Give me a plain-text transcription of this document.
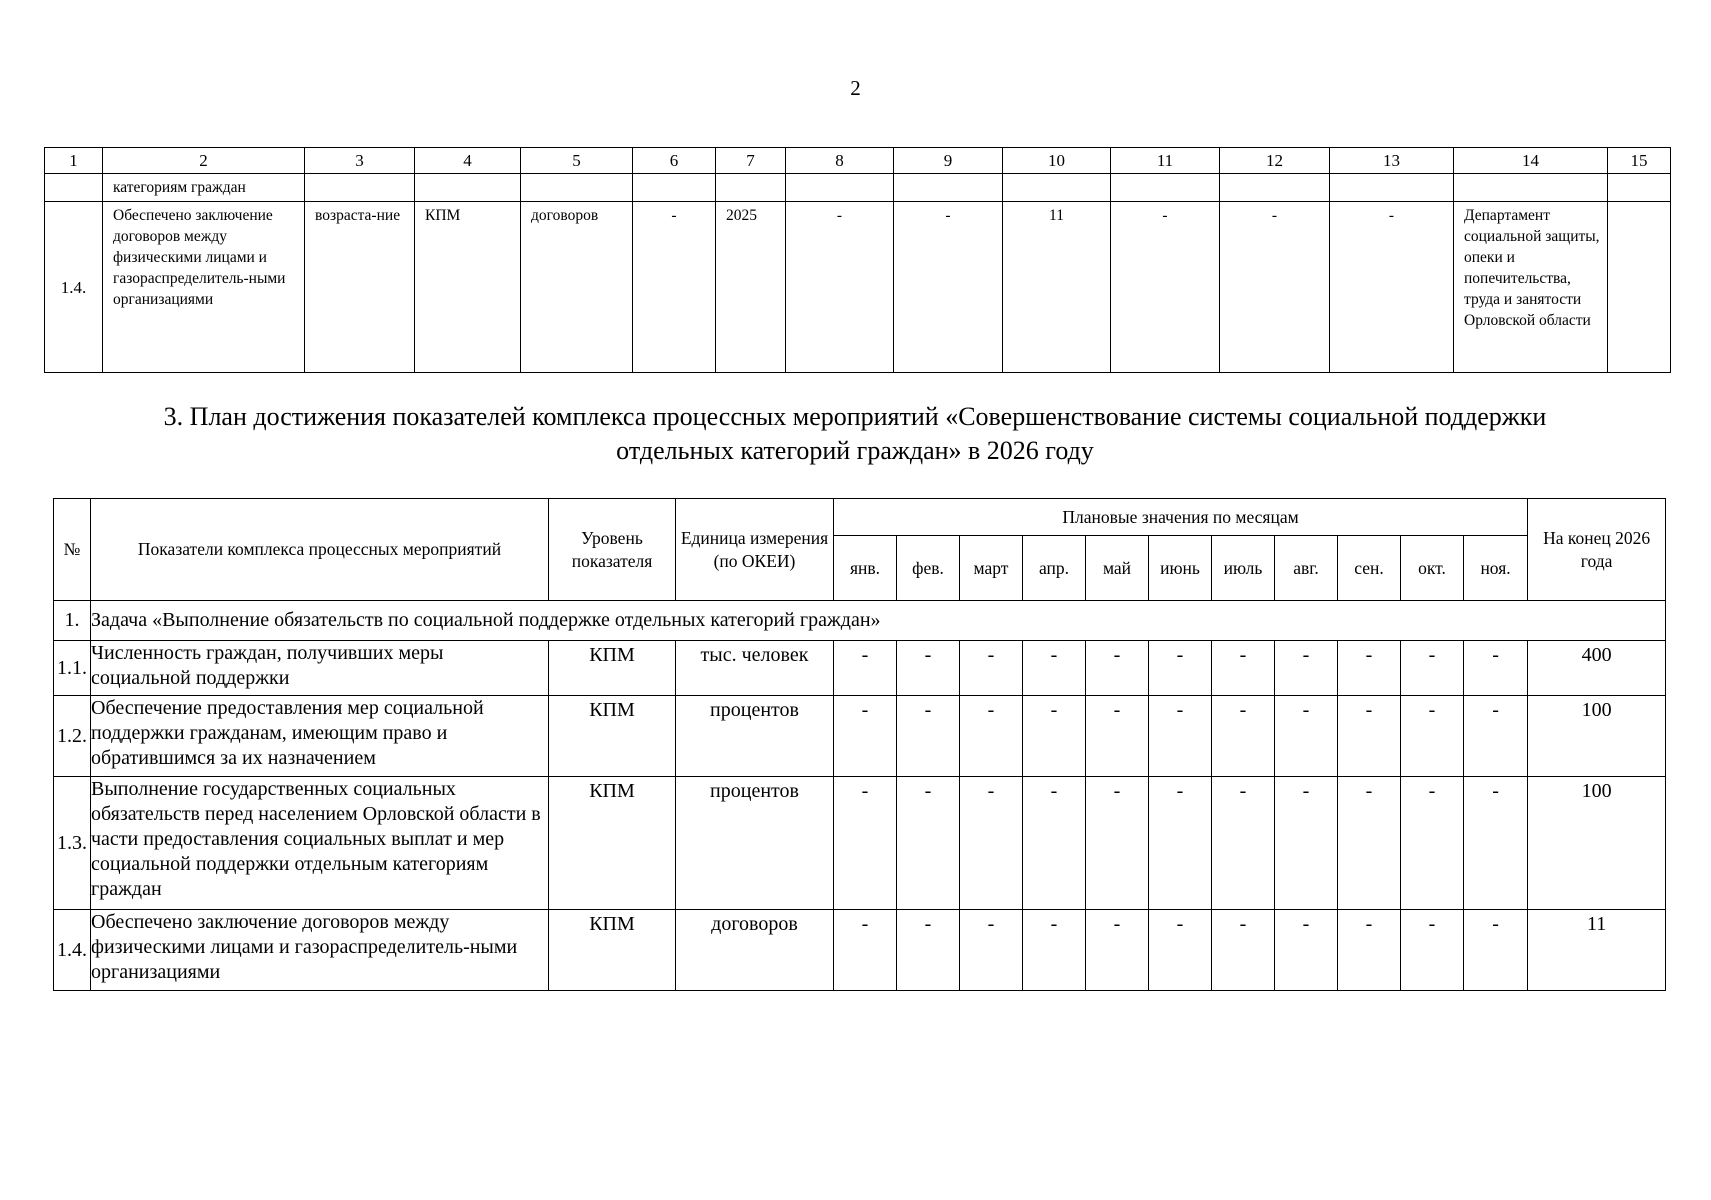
2
1	2	3	4	5	6	7	8	9	10	11	12	13	14	15

	категориям граждан													

1.4.	Обеспечено заключение договоров между физическими лицами и газораспределитель-ными организациями	возраста-ние	КПМ	договоров	-	2025	-	-	11	-	-	-	Департамент социальной защиты, опеки и попечительства, труда и занятости Орловской области	

3. План достижения показателей комплекса процессных мероприятий «Совершенствование системы социальной поддержки
отдельных категорий граждан» в 2026 году
№	Показатели комплекса процессных мероприятий	Уровень показателя	Единица измерения (по ОКЕИ)	Плановые значения по месяцам											На конец 2026 года
				янв.	фев.	март	апр.	май	июнь	июль	авг.	сен.	окт.	ноя.	
1.	Задача «Выполнение обязательств по социальной поддержке отдельных категорий граждан»														
1.1.	Численность граждан, получивших меры социальной поддержки	КПМ	тыс. человек	-	-	-	-	-	-	-	-	-	-	-	400
1.2.	Обеспечение предоставления мер социальной поддержки гражданам, имеющим право и обратившимся за их назначением	КПМ	процентов	-	-	-	-	-	-	-	-	-	-	-	100
1.3.	Выполнение государственных социальных обязательств перед населением Орловской области в части предоставления социальных выплат и мер социальной поддержки отдельным категориям граждан	КПМ	процентов	-	-	-	-	-	-	-	-	-	-	-	100
1.4.	Обеспечено заключение договоров между физическими лицами и газораспределитель-ными организациями	КПМ	договоров	-	-	-	-	-	-	-	-	-	-	-	11
